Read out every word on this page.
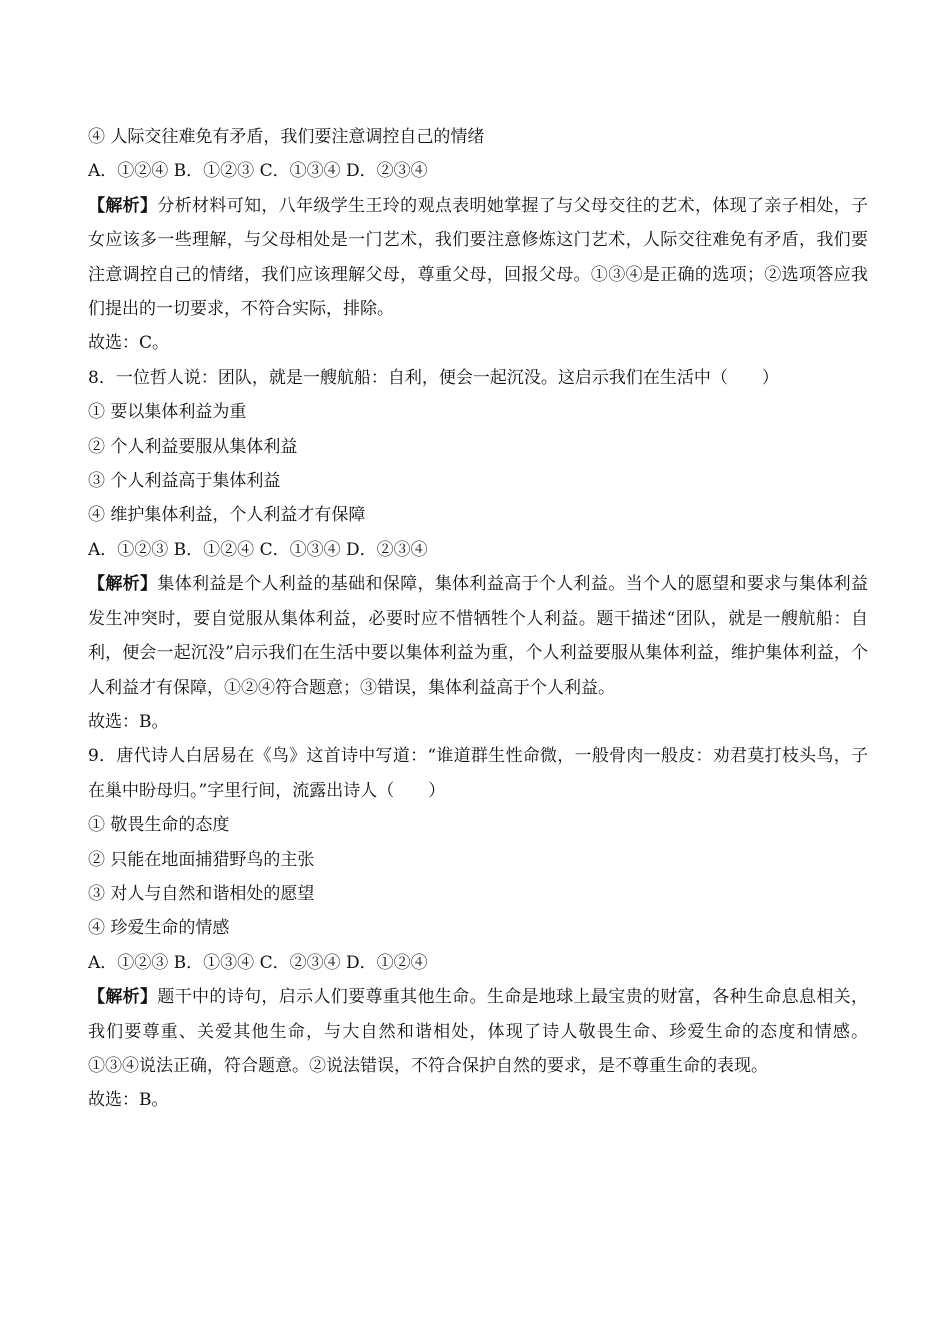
④ 人际交往难免有矛盾，我们要注意调控自己的情绪
A．①②④ B．①②③ C．①③④ D．②③④

【解析】分析材料可知，八年级学生王玲的观点表明她掌握了与父母交往的艺术，体现了亲子相处，子女应该多一些理解，与父母相处是一门艺术，我们要注意修炼这门艺术，人际交往难免有矛盾，我们要注意调控自己的情绪，我们应该理解父母，尊重父母，回报父母。①③④是正确的选项；②选项答应我们提出的一切要求，不符合实际，排除。

故选：C。
8．一位哲人说：团队，就是一艘航船：自利，便会一起沉没。这启示我们在生活中（　　）
① 要以集体利益为重
② 个人利益要服从集体利益
③ 个人利益高于集体利益
④ 维护集体利益，个人利益才有保障
A．①②③ B．①②④ C．①③④ D．②③④

【解析】集体利益是个人利益的基础和保障，集体利益高于个人利益。当个人的愿望和要求与集体利益发生冲突时，要自觉服从集体利益，必要时应不惜牺牲个人利益。题干描述“团队，就是一艘航船：自利，便会一起沉没”启示我们在生活中要以集体利益为重，个人利益要服从集体利益，维护集体利益，个人利益才有保障，①②④符合题意；③错误，集体利益高于个人利益。

故选：B。

9．唐代诗人白居易在《鸟》这首诗中写道：“谁道群生性命微，一般骨肉一般皮：劝君莫打枝头鸟，子在巢中盼母归。”字里行间，流露出诗人（　　）

① 敬畏生命的态度
② 只能在地面捕猎野鸟的主张
③ 对人与自然和谐相处的愿望
④ 珍爱生命的情感
A．①②③ B．①③④ C．②③④ D．①②④

【解析】题干中的诗句，启示人们要尊重其他生命。生命是地球上最宝贵的财富，各种生命息息相关，我们要尊重、关爱其他生命，与大自然和谐相处，体现了诗人敬畏生命、珍爱生命的态度和情感。①③④说法正确，符合题意。②说法错误，不符合保护自然的要求，是不尊重生命的表现。

故选：B。
